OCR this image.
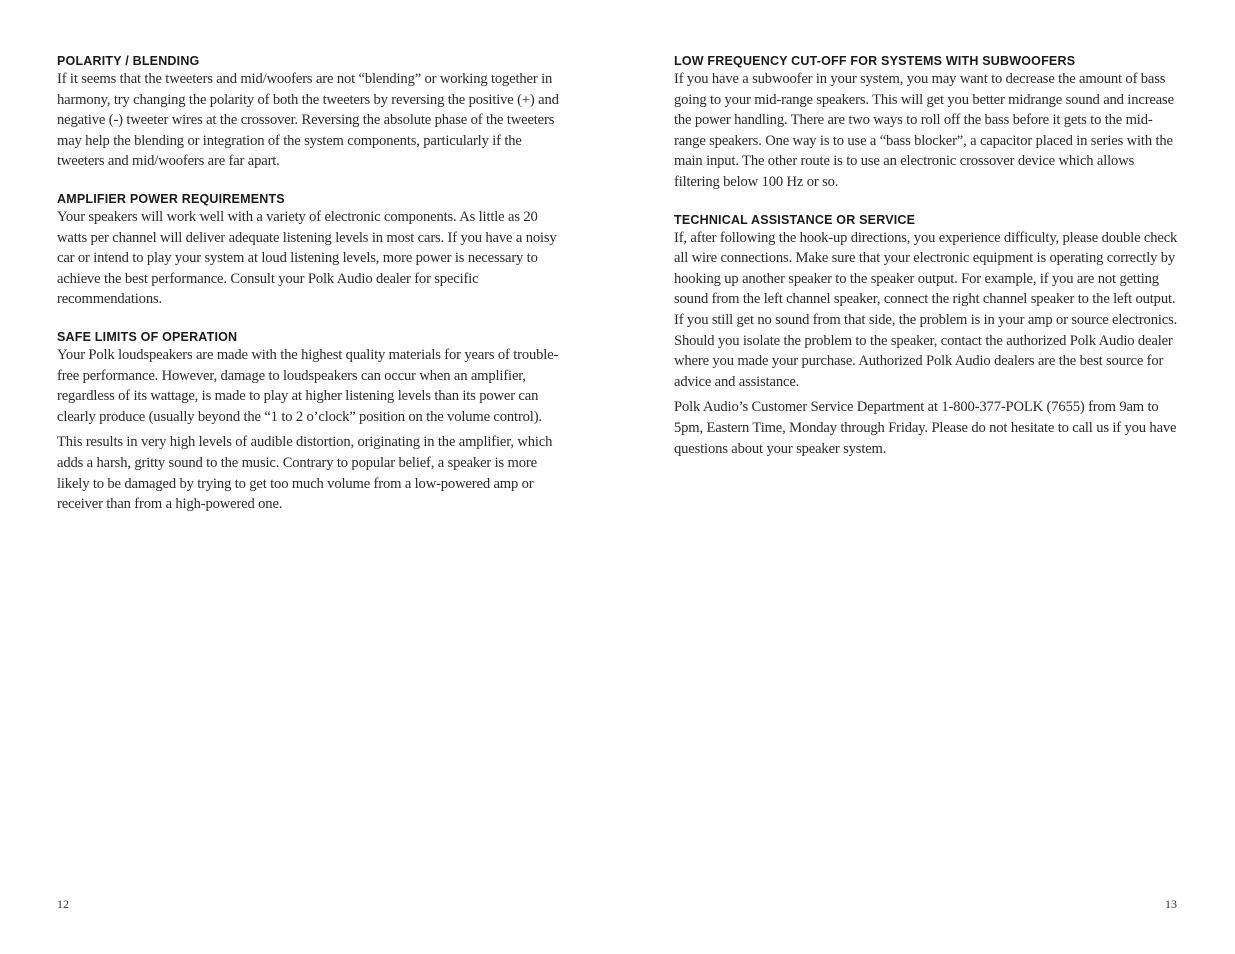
POLARITY / BLENDING

If it seems that the tweeters and mid/woofers are not “blending” or working together in harmony, try changing the polarity of both the tweeters by reversing the positive (+) and negative (-) tweeter wires at the crossover. Reversing the absolute phase of the tweeters may help the blending or integration of the system components, particularly if the tweeters and mid/woofers are far apart.

AMPLIFIER POWER REQUIREMENTS

Your speakers will work well with a variety of electronic components. As little as 20 watts per channel will deliver adequate listening levels in most cars. If you have a noisy car or intend to play your system at loud listening levels, more power is necessary to achieve the best performance. Consult your Polk Audio dealer for specific recommendations.

SAFE LIMITS OF OPERATION

Your Polk loudspeakers are made with the highest quality materials for years of trouble-free performance. However, damage to loudspeakers can occur when an amplifier, regardless of its wattage, is made to play at higher listening levels than its power can clearly produce (usually beyond the “1 to 2 o’clock” position on the volume control).

This results in very high levels of audible distortion, originating in the amplifier, which adds a harsh, gritty sound to the music. Contrary to popular belief, a speaker is more likely to be damaged by trying to get too much volume from a low-powered amp or receiver than from a high-powered one.

LOW FREQUENCY CUT-OFF FOR SYSTEMS WITH SUBWOOFERS

If you have a subwoofer in your system, you may want to decrease the amount of bass going to your mid-range speakers. This will get you better midrange sound and increase the power handling. There are two ways to roll off the bass before it gets to the mid-range speakers. One way is to use a “bass blocker”, a capacitor placed in series with the main input. The other route is to use an electronic crossover device which allows filtering below 100 Hz or so.

TECHNICAL ASSISTANCE OR SERVICE

If, after following the hook-up directions, you experience difficulty, please double check all wire connections. Make sure that your electronic equipment is operating correctly by hooking up another speaker to the speaker output. For example, if you are not getting sound from the left channel speaker, connect the right channel speaker to the left output. If you still get no sound from that side, the problem is in your amp or source electronics. Should you isolate the problem to the speaker, contact the authorized Polk Audio dealer where you made your purchase. Authorized Polk Audio dealers are the best source for advice and assistance.

Polk Audio’s Customer Service Department at 1-800-377-POLK (7655) from 9am to 5pm, Eastern Time, Monday through Friday. Please do not hesitate to call us if you have questions about your speaker system.

12	13
